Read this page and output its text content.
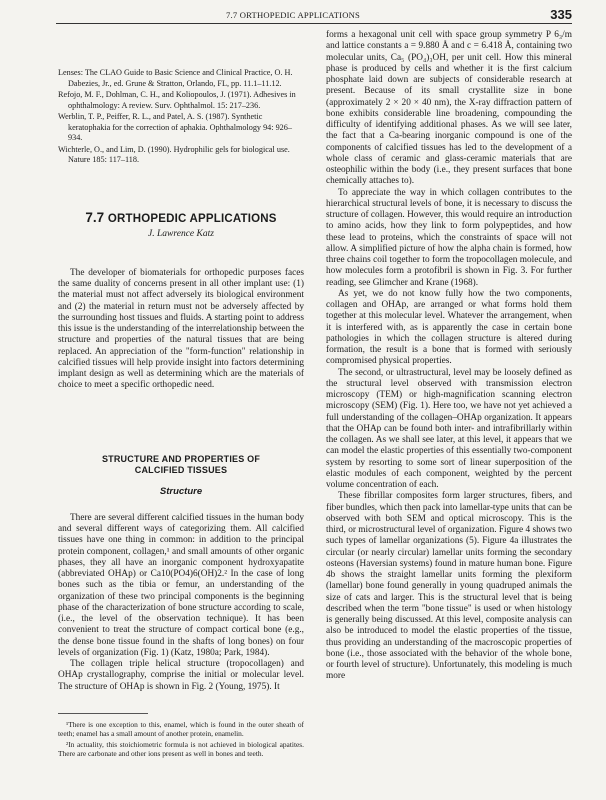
7.7 ORTHOPEDIC APPLICATIONS	335

Lenses: The CLAO Guide to Basic Science and Clinical Practice, O. H. Dabezies, Jr., ed. Grune & Stratton, Orlando, FL, pp. 11.1–11.12.

Refojo, M. F., Dohlman, C. H., and Koliopoulos, J. (1971). Adhesives in ophthalmology: A review. Surv. Ophthalmol. 15: 217–236.

Werblin, T. P., Peiffer, R. L., and Patel, A. S. (1987). Synthetic keratophakia for the correction of aphakia. Ophthalmology 94: 926–934.

Wichterle, O., and Lim, D. (1990). Hydrophilic gels for biological use. Nature 185: 117–118.

7.7 ORTHOPEDIC APPLICATIONS
J. Lawrence Katz

The developer of biomaterials for orthopedic purposes faces the same duality of concerns present in all other implant use: (1) the material must not affect adversely its biological environment and (2) the material in return must not be adversely affected by the surrounding host tissues and fluids. A starting point to address this issue is the understanding of the interrelationship between the structure and properties of the natural tissues that are being replaced. An appreciation of the "form-function" relationship in calcified tissues will help provide insight into factors determining implant design as well as determining which are the materials of choice to meet a specific orthopedic need.

STRUCTURE AND PROPERTIES OF
CALCIFIED TISSUES
Structure

There are several different calcified tissues in the human body and several different ways of categorizing them. All calcified tissues have one thing in common: in addition to the principal protein component, collagen,¹ and small amounts of other organic phases, they all have an inorganic component hydroxyapatite (abbreviated OHAp) or Ca10(PO4)6(OH)2.² In the case of long bones such as the tibia or femur, an understanding of the organization of these two principal components is the beginning phase of the characterization of bone structure according to scale, (i.e., the level of the observation technique). It has been convenient to treat the structure of compact cortical bone (e.g., the dense bone tissue found in the shafts of long bones) on four levels of organization (Fig. 1) (Katz, 1980a; Park, 1984).

The collagen triple helical structure (tropocollagen) and OHAp crystallography, comprise the initial or molecular level. The structure of OHAp is shown in Fig. 2 (Young, 1975). It

¹There is one exception to this, enamel, which is found in the outer sheath of teeth; enamel has a small amount of another protein, enamelin.

²In actuality, this stoichiometric formula is not achieved in biological apatites. There are carbonate and other ions present as well in bones and teeth.

forms a hexagonal unit cell with space group symmetry P 6₃/m and lattice constants a = 9.880 Å and c = 6.418 Å, containing two molecular units, Ca₅ (PO₄)₃OH, per unit cell. How this mineral phase is produced by cells and whether it is the first calcium phosphate laid down are subjects of considerable research at present. Because of its small crystallite size in bone (approximately 2 × 20 × 40 nm), the X-ray diffraction pattern of bone exhibits considerable line broadening, compounding the difficulty of identifying additional phases. As we will see later, the fact that a Ca-bearing inorganic compound is one of the components of calcified tissues has led to the development of a whole class of ceramic and glass-ceramic materials that are osteophilic within the body (i.e., they present surfaces that bone chemically attaches to).

To appreciate the way in which collagen contributes to the hierarchical structural levels of bone, it is necessary to discuss the structure of collagen. However, this would require an introduction to amino acids, how they link to form polypeptides, and how these lead to proteins, which the constraints of space will not allow. A simplified picture of how the alpha chain is formed, how three chains coil together to form the tropocollagen molecule, and how molecules form a protofibril is shown in Fig. 3. For further reading, see Glimcher and Krane (1968).

As yet, we do not know fully how the two components, collagen and OHAp, are arranged or what forms hold them together at this molecular level. Whatever the arrangement, when it is interfered with, as is apparently the case in certain bone pathologies in which the collagen structure is altered during formation, the result is a bone that is formed with seriously compromised physical properties.

The second, or ultrastructural, level may be loosely defined as the structural level observed with transmission electron microscopy (TEM) or high-magnification scanning electron microscopy (SEM) (Fig. 1). Here too, we have not yet achieved a full understanding of the collagen–OHAp organization. It appears that the OHAp can be found both inter- and intrafibrillarly within the collagen. As we shall see later, at this level, it appears that we can model the elastic properties of this essentially two-component system by resorting to some sort of linear superposition of the elastic modules of each component, weighted by the percent volume concentration of each.

These fibrillar composites form larger structures, fibers, and fiber bundles, which then pack into lamellar-type units that can be observed with both SEM and optical microscopy. This is the third, or microstructural level of organization. Figure 4 shows two such types of lamellar organizations (5). Figure 4a illustrates the circular (or nearly circular) lamellar units forming the secondary osteons (Haversian systems) found in mature human bone. Figure 4b shows the straight lamellar units forming the plexiform (lamellar) bone found generally in young quadruped animals the size of cats and larger. This is the structural level that is being described when the term "bone tissue" is used or when histology is generally being discussed. At this level, composite analysis can also be introduced to model the elastic properties of the tissue, thus providing an understanding of the macroscopic properties of bone (i.e., those associated with the behavior of the whole bone, or fourth level of structure). Unfortunately, this modeling is much more
